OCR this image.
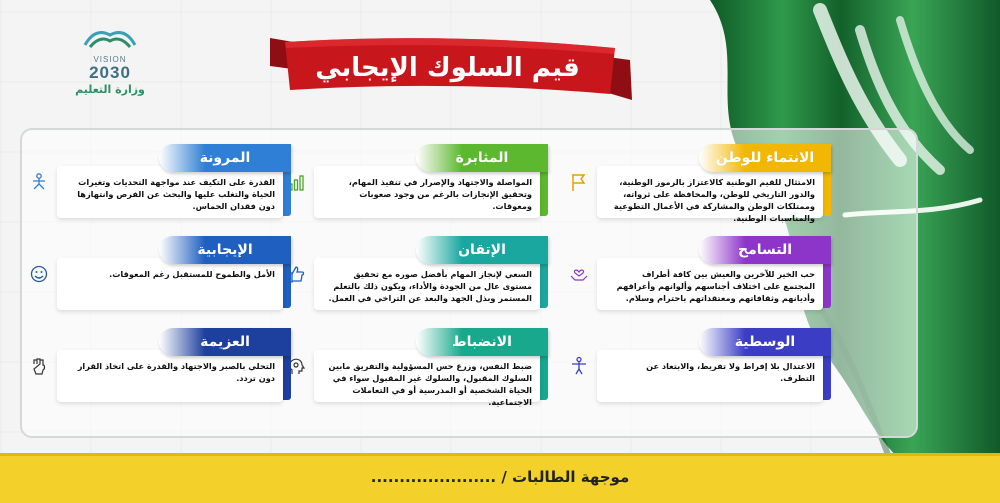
VISION
2030
وزارة التعليم
قيم السلوك الإيجابي
الامتثال للقيم الوطنية كالاعتزاز بالرموز الوطنية، والدور التاريخي للوطن، والمحافظة على ثرواته، وممتلكات الوطن والمشاركة في الأعمال التطوعية والمناسبات الوطنية.
الانتماء للوطن
المواصلة والاجتهاد والإصرار في تنفيذ المهام، وتحقيق الإنجازات بالرغم من وجود صعوبات ومعوقات.
المثابرة
القدرة على التكيف عند مواجهة التحديات وتغيرات الحياة والتغلب عليها والبحث عن الفرص وانتهازها دون فقدان الحماس.
المرونة
حب الخير للآخرين والعيش بين كافة أطراف المجتمع على اختلاف أجناسهم وألوانهم وأعراقهم وأديانهم وثقافاتهم ومعتقداتهم باحترام وسلام.
التسامح
السعي لإنجاز المهام بأفضل صوره مع تحقيق مستوى عال من الجودة والأداء، ويكون ذلك بالتعلم المستمر وبذل الجهد والبعد عن التراخي في العمل.
الإتقان
الأمل والطموح للمستقبل رغم المعوقات.
الإيجابية
الاعتدال بلا إفراط ولا تفريط، والابتعاد عن التطرف.
الوسطية
ضبط النفس، وزرع حس المسؤولية والتفريق مابين السلوك المقبول، والسلوك غير المقبول سواء في الحياة الشخصية أو المدرسية أو في التعاملات الاجتماعية.
الانضباط
التحلي بالصبر والاجتهاد والقدرة على اتخاذ القرار دون تردد.
العزيمة
موجهة الطالبات / ......................
